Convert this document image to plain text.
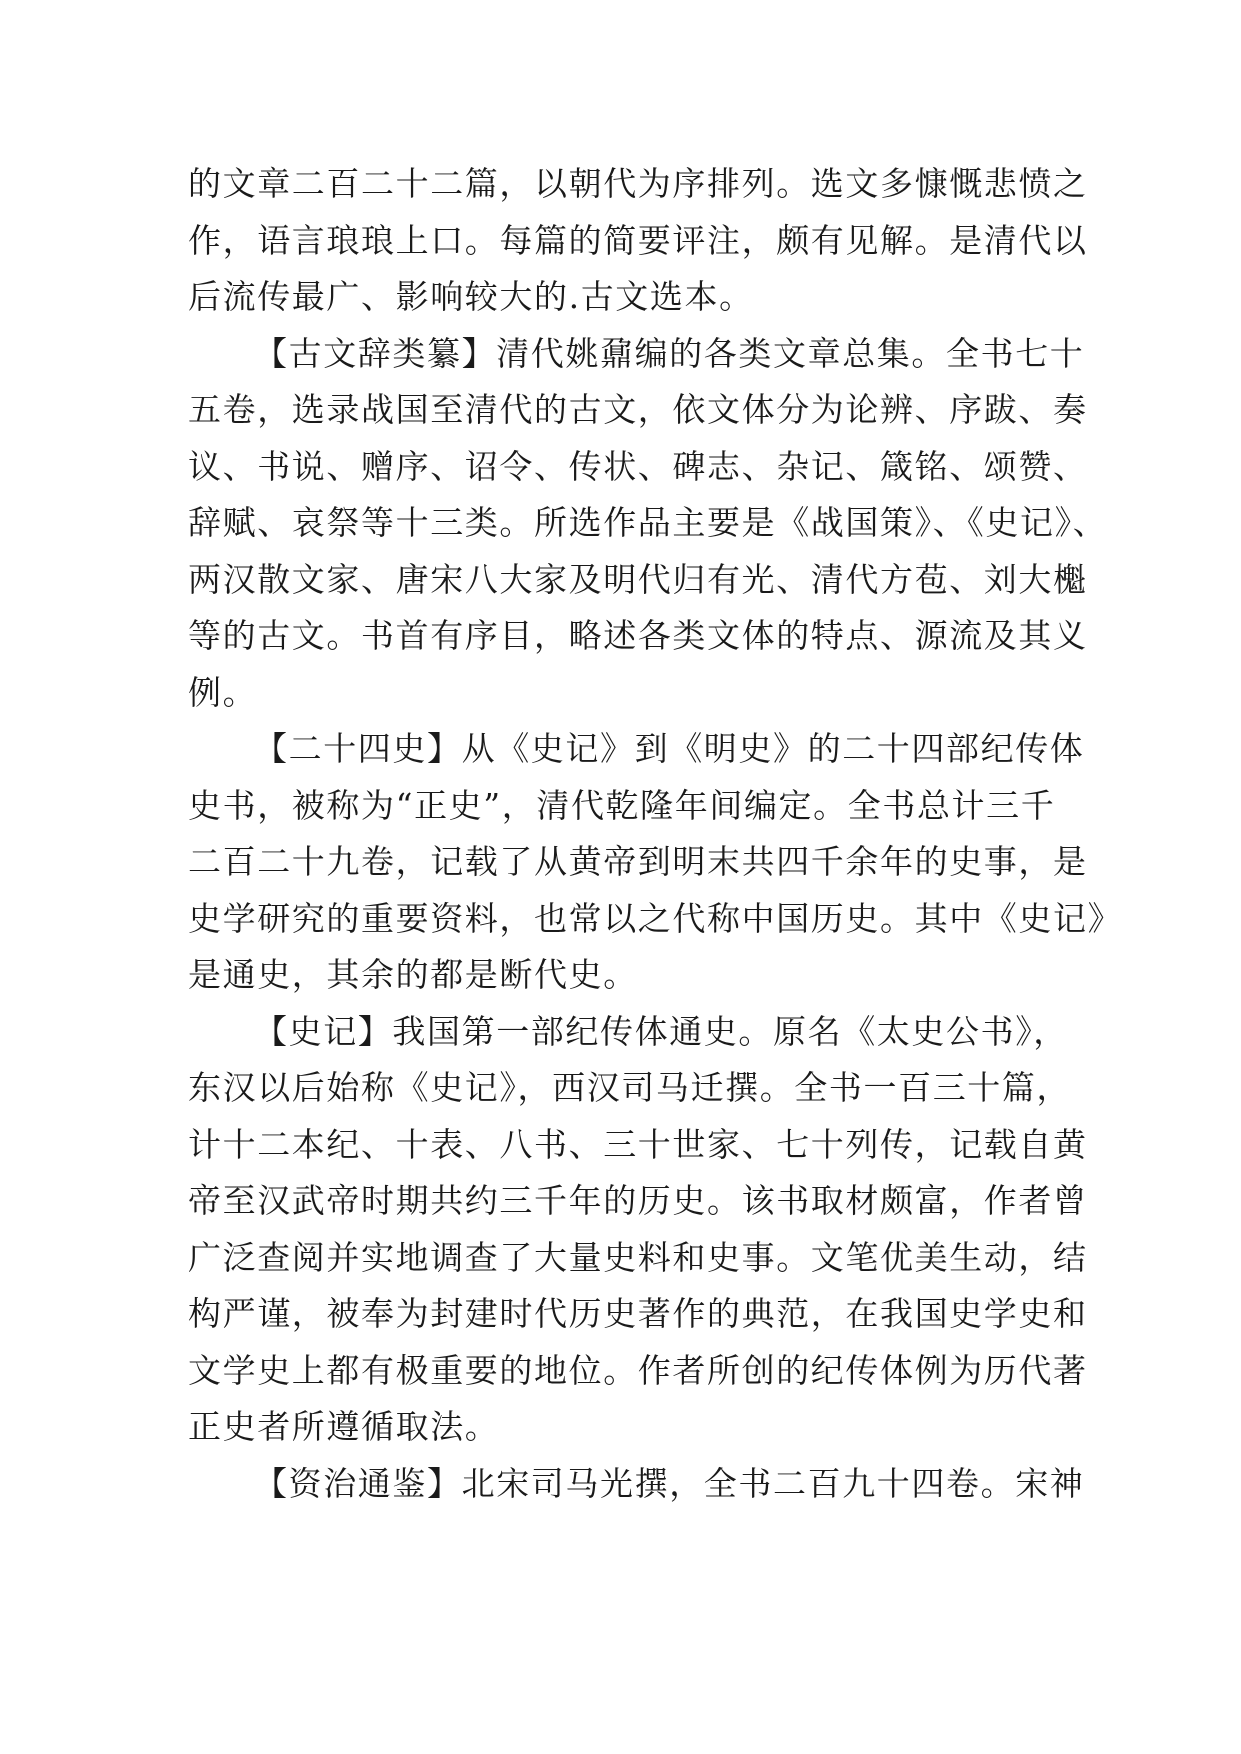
的文章二百二十二篇，以朝代为序排列。选文多慷慨悲愤之
作，语言琅琅上口。每篇的简要评注，颇有见解。是清代以
后流传最广、影响较大的.古文选本。
【古文辞类纂】清代姚鼐编的各类文章总集。全书七十
五卷，选录战国至清代的古文，依文体分为论辨、序跋、奏
议、书说、赠序、诏令、传状、碑志、杂记、箴铭、颂赞、
辞赋、哀祭等十三类。所选作品主要是《战国策》、《史记》、
两汉散文家、唐宋八大家及明代归有光、清代方苞、刘大櫆
等的古文。书首有序目，略述各类文体的特点、源流及其义
例。
【二十四史】从《史记》到《明史》的二十四部纪传体
史书，被称为“正史”，清代乾隆年间编定。全书总计三千
二百二十九卷，记载了从黄帝到明末共四千余年的史事，是
史学研究的重要资料，也常以之代称中国历史。其中《史记》
是通史，其余的都是断代史。
【史记】我国第一部纪传体通史。原名《太史公书》，
东汉以后始称《史记》，西汉司马迁撰。全书一百三十篇，
计十二本纪、十表、八书、三十世家、七十列传，记载自黄
帝至汉武帝时期共约三千年的历史。该书取材颇富，作者曾
广泛查阅并实地调查了大量史料和史事。文笔优美生动，结
构严谨，被奉为封建时代历史著作的典范，在我国史学史和
文学史上都有极重要的地位。作者所创的纪传体例为历代著
正史者所遵循取法。
【资治通鉴】北宋司马光撰，全书二百九十四卷。宋神
